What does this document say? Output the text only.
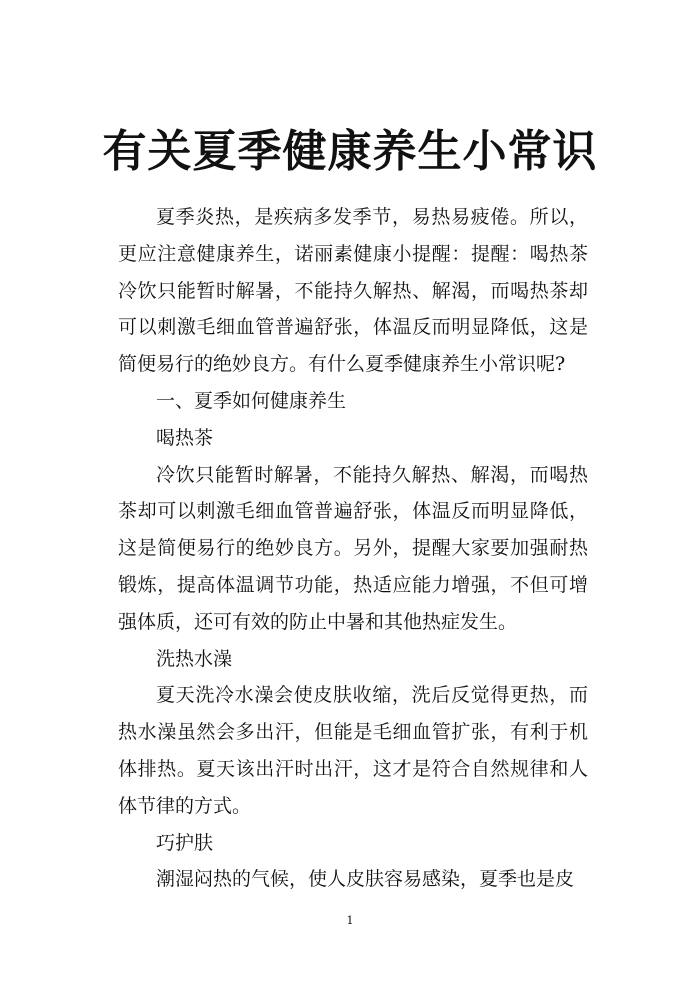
有关夏季健康养生小常识

夏季炎热，是疾病多发季节，易热易疲倦。所以，更应注意健康养生，诺丽素健康小提醒：提醒：喝热茶冷饮只能暂时解暑，不能持久解热、解渴，而喝热茶却可以刺激毛细血管普遍舒张，体温反而明显降低，这是简便易行的绝妙良方。有什么夏季健康养生小常识呢?

一、夏季如何健康养生

喝热茶

冷饮只能暂时解暑，不能持久解热、解渴，而喝热茶却可以刺激毛细血管普遍舒张，体温反而明显降低，这是简便易行的绝妙良方。另外，提醒大家要加强耐热锻炼，提高体温调节功能，热适应能力增强，不但可增强体质，还可有效的防止中暑和其他热症发生。

洗热水澡

夏天洗冷水澡会使皮肤收缩，洗后反觉得更热，而热水澡虽然会多出汗，但能是毛细血管扩张，有利于机体排热。夏天该出汗时出汗，这才是符合自然规律和人体节律的方式。

巧护肤

潮湿闷热的气候，使人皮肤容易感染，夏季也是皮

1
